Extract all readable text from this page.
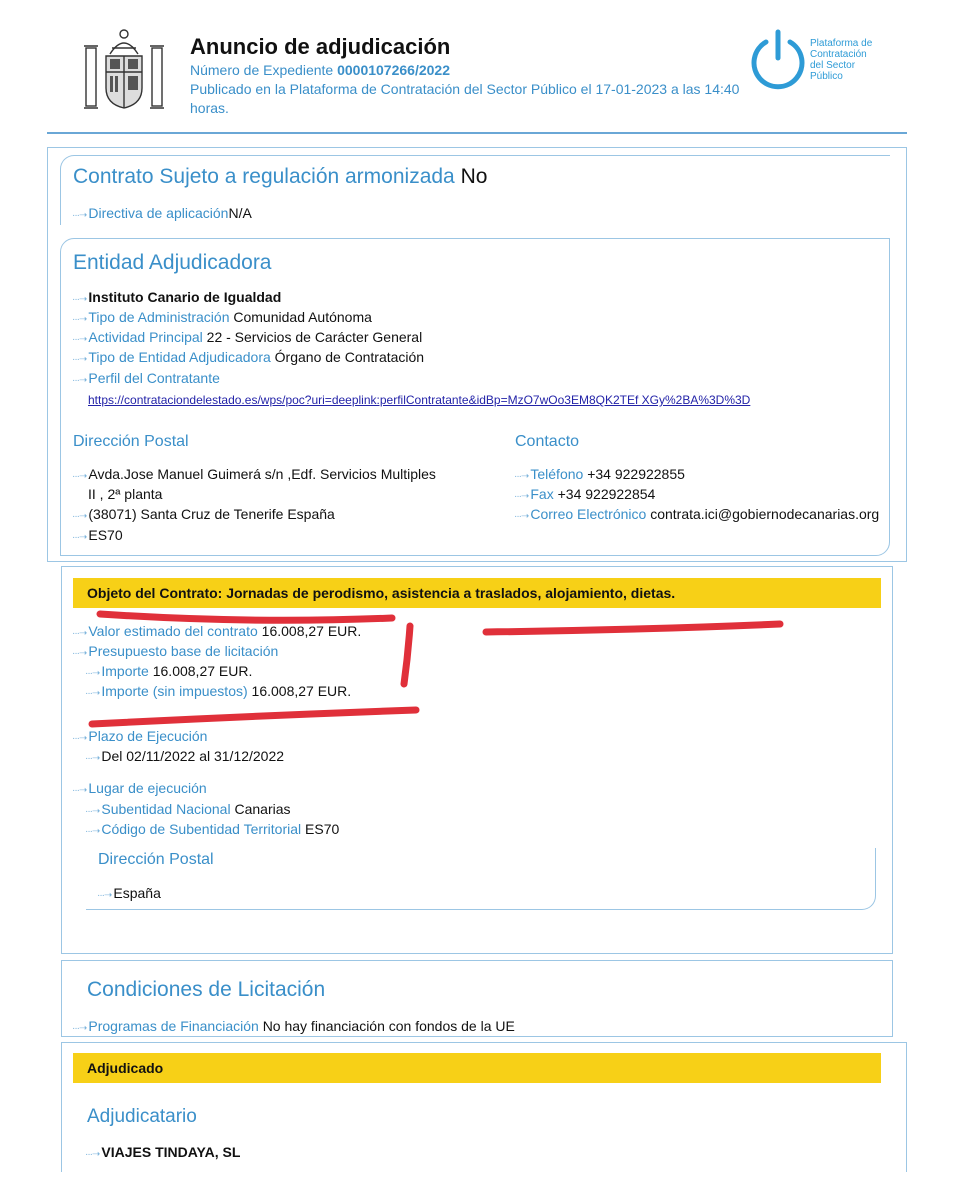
Anuncio de adjudicación
Número de Expediente 0000107266/2022
Publicado en la Plataforma de Contratación del Sector Público el 17-01-2023 a las 14:40 horas.
Plataforma de
Contratación
del Sector
Público
Contrato Sujeto a regulación armonizada No
···➝ Directiva de aplicaciónN/A
Entidad Adjudicadora
···➝ Instituto Canario de Igualdad
···➝ Tipo de Administración Comunidad Autónoma
···➝ Actividad Principal 22 - Servicios de Carácter General
···➝ Tipo de Entidad Adjudicadora Órgano de Contratación
···➝ Perfil del Contratante
https://contrataciondelestado.es/wps/poc?uri=deeplink:perfilContratante&idBp=MzO7wOo3EM8QK2TEf XGy%2BA%3D%3D
Dirección Postal	Contacto
···➝ Avda.Jose Manuel Guimerá s/n ,Edf. Servicios Multiples
II , 2ª planta
···➝ (38071) Santa Cruz de Tenerife España
···➝ ES70
···➝ Teléfono +34 922922855
···➝ Fax +34 922922854
···➝ Correo Electrónico contrata.ici@gobiernodecanarias.org
Objeto del Contrato: Jornadas de perodismo, asistencia a traslados, alojamiento, dietas.
···➝ Valor estimado del contrato 16.008,27 EUR.
···➝ Presupuesto base de licitación
···➝ Importe 16.008,27 EUR.
···➝ Importe (sin impuestos) 16.008,27 EUR.
···➝ Plazo de Ejecución
···➝ Del 02/11/2022 al 31/12/2022
···➝ Lugar de ejecución
···➝ Subentidad Nacional Canarias
···➝ Código de Subentidad Territorial ES70
Dirección Postal
···➝ España
Condiciones de Licitación
···➝ Programas de Financiación No hay financiación con fondos de la UE
Adjudicado
Adjudicatario
···➝ VIAJES TINDAYA, SL
